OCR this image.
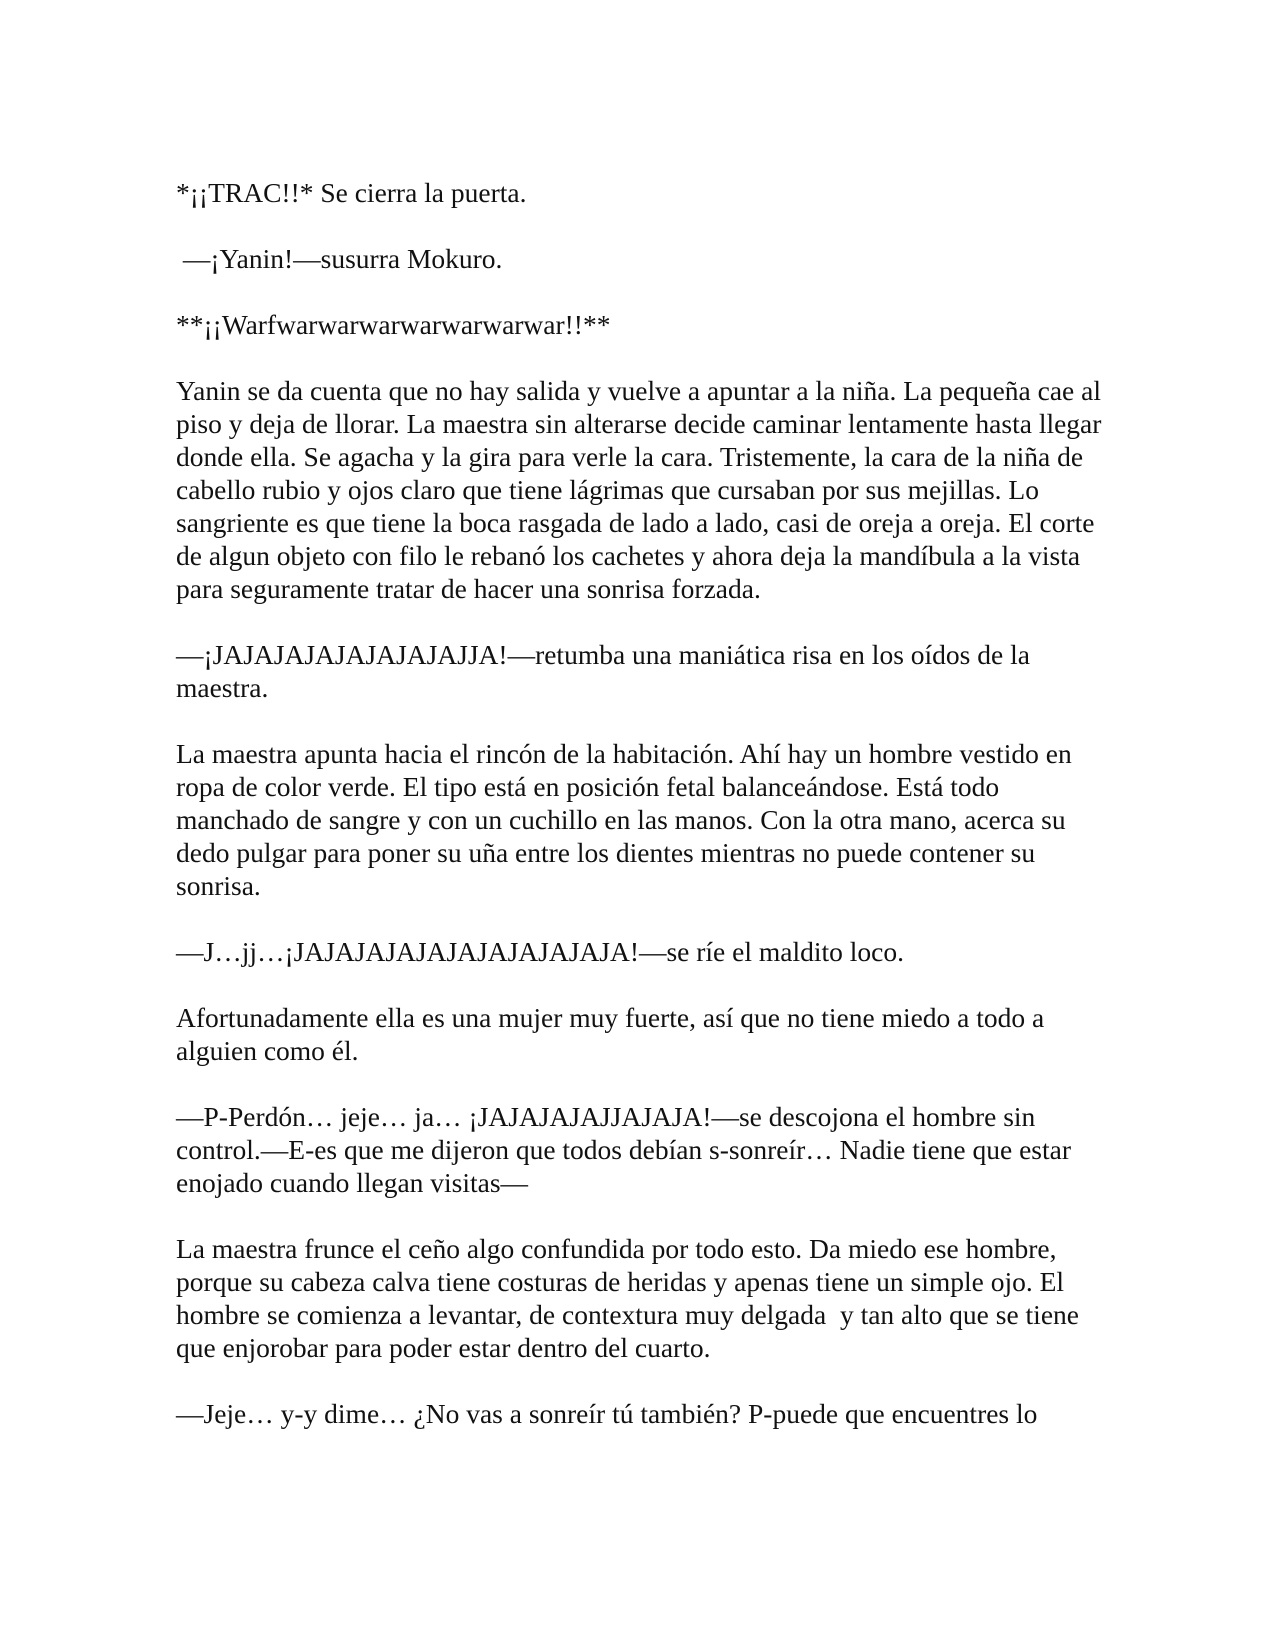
*¡¡TRAC!!* Se cierra la puerta.

—¡Yanin!—susurra Mokuro.

**¡¡Warfwarwarwarwarwarwarwar!!**

Yanin se da cuenta que no hay salida y vuelve a apuntar a la niña. La pequeña cae al piso y deja de llorar. La maestra sin alterarse decide caminar lentamente hasta llegar donde ella. Se agacha y la gira para verle la cara. Tristemente, la cara de la niña de cabello rubio y ojos claro que tiene lágrimas que cursaban por sus mejillas. Lo sangriente es que tiene la boca rasgada de lado a lado, casi de oreja a oreja. El corte de algun objeto con filo le rebanó los cachetes y ahora deja la mandíbula a la vista para seguramente tratar de hacer una sonrisa forzada.

—¡JAJAJAJAJAJAJAJAJJA!—retumba una maniática risa en los oídos de la maestra.

La maestra apunta hacia el rincón de la habitación. Ahí hay un hombre vestido en ropa de color verde. El tipo está en posición fetal balanceándose. Está todo manchado de sangre y con un cuchillo en las manos. Con la otra mano, acerca su dedo pulgar para poner su uña entre los dientes mientras no puede contener su sonrisa.

—J…jj…¡JAJAJAJAJAJAJAJAJAJAJA!—se ríe el maldito loco.

Afortunadamente ella es una mujer muy fuerte, así que no tiene miedo a todo a alguien como él.

—P-Perdón… jeje… ja… ¡JAJAJAJAJJAJAJA!—se descojona el hombre sin control.—E-es que me dijeron que todos debían s-sonreír… Nadie tiene que estar enojado cuando llegan visitas—

La maestra frunce el ceño algo confundida por todo esto. Da miedo ese hombre, porque su cabeza calva tiene costuras de heridas y apenas tiene un simple ojo. El hombre se comienza a levantar, de contextura muy delgada  y tan alto que se tiene que enjorobar para poder estar dentro del cuarto.

—Jeje… y-y dime… ¿No vas a sonreír tú también? P-puede que encuentres lo
